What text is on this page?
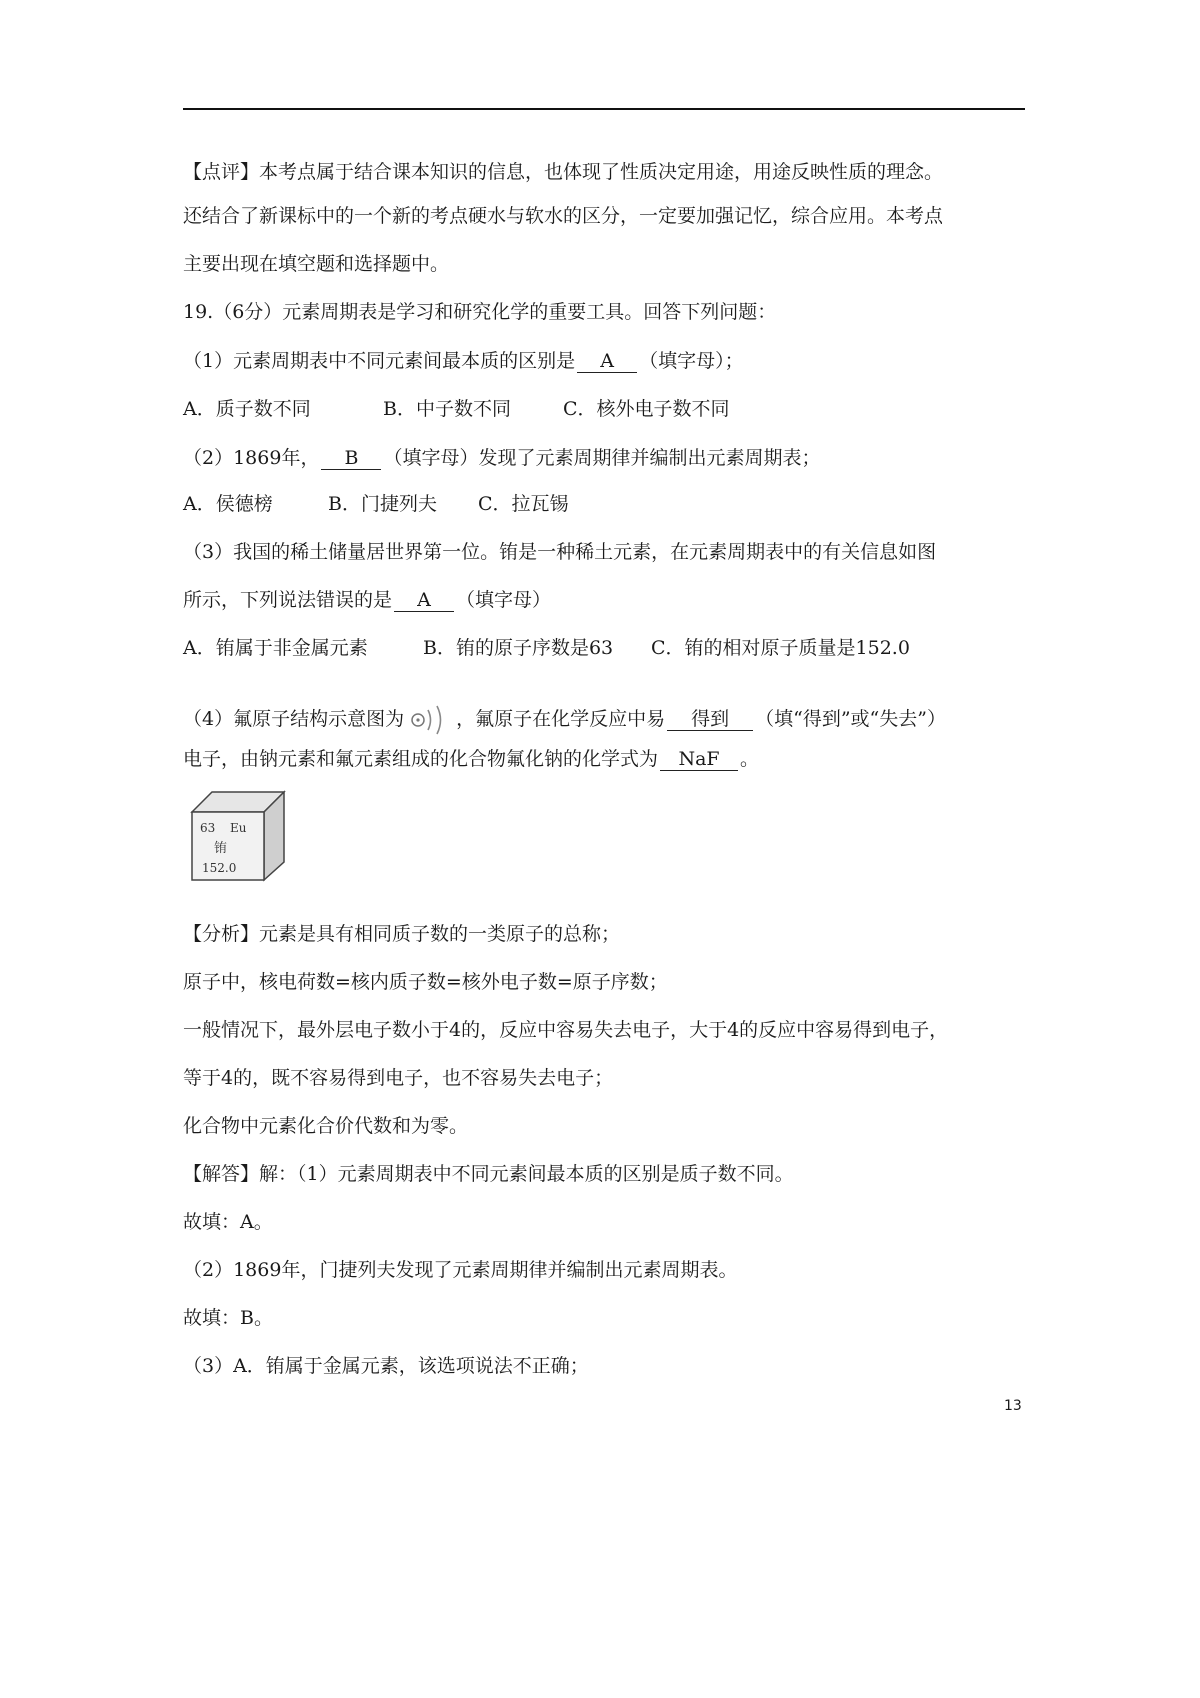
【点评】本考点属于结合课本知识的信息，也体现了性质决定用途，用途反映性质的理念。
还结合了新课标中的一个新的考点硬水与软水的区分，一定要加强记忆，综合应用。本考点
主要出现在填空题和选择题中。
19.（6分）元素周期表是学习和研究化学的重要工具。回答下列问题：
（1）元素周期表中不同元素间最本质的区别是 A （填字母）；
A．质子数不同	B．中子数不同	C．核外电子数不同
（2）1869年， B （填字母）发现了元素周期律并编制出元素周期表；
A．侯德榜	B．门捷列夫 C．拉瓦锡
（3）我国的稀土储量居世界第一位。铕是一种稀土元素，在元素周期表中的有关信息如图
所示，下列说法错误的是 A （填字母）
A．铕属于非金属元素	B．铕的原子序数是63 C．铕的相对原子质量是152.0
（4）氟原子结构示意图为	，氟原子在化学反应中易 得到 （填“得到”或“失去”）
电子，由钠元素和氟元素组成的化合物氟化钠的化学式为 NaF 。
63 Eu
铕
152.0
【分析】元素是具有相同质子数的一类原子的总称；
原子中，核电荷数=核内质子数=核外电子数=原子序数；
一般情况下，最外层电子数小于4的，反应中容易失去电子，大于4的反应中容易得到电子，
等于4的，既不容易得到电子，也不容易失去电子；
化合物中元素化合价代数和为零。
【解答】解：（1）元素周期表中不同元素间最本质的区别是质子数不同。
故填：A。
（2）1869年，门捷列夫发现了元素周期律并编制出元素周期表。
故填：B。
（3）A．铕属于金属元素，该选项说法不正确；
13
